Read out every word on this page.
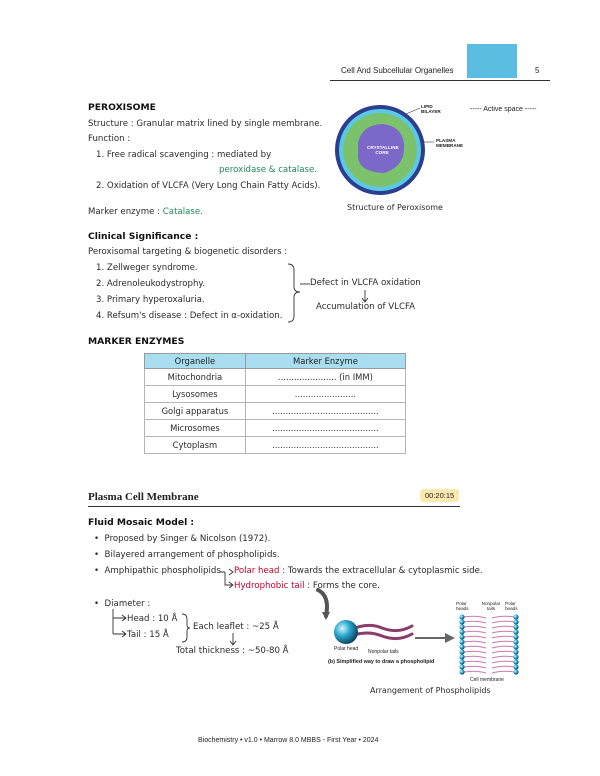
Cell And Subcellular Organelles	5
PEROXISOME	----- Active space -----
Structure : Granular matrix lined by single membrane.
Function :
1. Free radical scavenging : mediated by
peroxidase & catalase.
2. Oxidation of VLCFA (Very Long Chain Fatty Acids).
Marker enzyme : Catalase.
LIPID BILAYER
PLASMA MEMBRANE
CRYSTALLINE CORE
Structure of Peroxisome
Clinical Significance :
Peroxisomal targeting & biogenetic disorders :
1. Zellweger syndrome.
2. Adrenoleukodystrophy.
3. Primary hyperoxaluria.
4. Refsum's disease : Defect in α-oxidation.
Defect in VLCFA oxidation
Accumulation of VLCFA
MARKER ENZYMES
Organelle	Marker Enzyme
Mitochondria	...................... (in IMM)
Lysosomes	.......................
Golgi apparatus	........................................
Microsomes	........................................
Cytoplasm	........................................
Plasma Cell Membrane	00:20:15
Fluid Mosaic Model :
•  Proposed by Singer & Nicolson (1972).
•  Bilayered arrangement of phospholipids.
•  Amphipathic phospholipids Polar head : Towards the extracellular & cytoplasmic side.
Hydrophobic tail : Forms the core.
•  Diameter :
Head : 10 Å
Tail : 15 Å
Each leaflet : ~25 Å
Total thickness : ~50-80 Å	Polar head Nonpolar tails
(b) Simplified way to draw a phospholipid
Polar heads
Nonpolar tails
Polar heads
Cell membrane
Arrangement of Phospholipids
Biochemistry • v1.0 • Marrow 8.0 MBBS - First Year • 2024
